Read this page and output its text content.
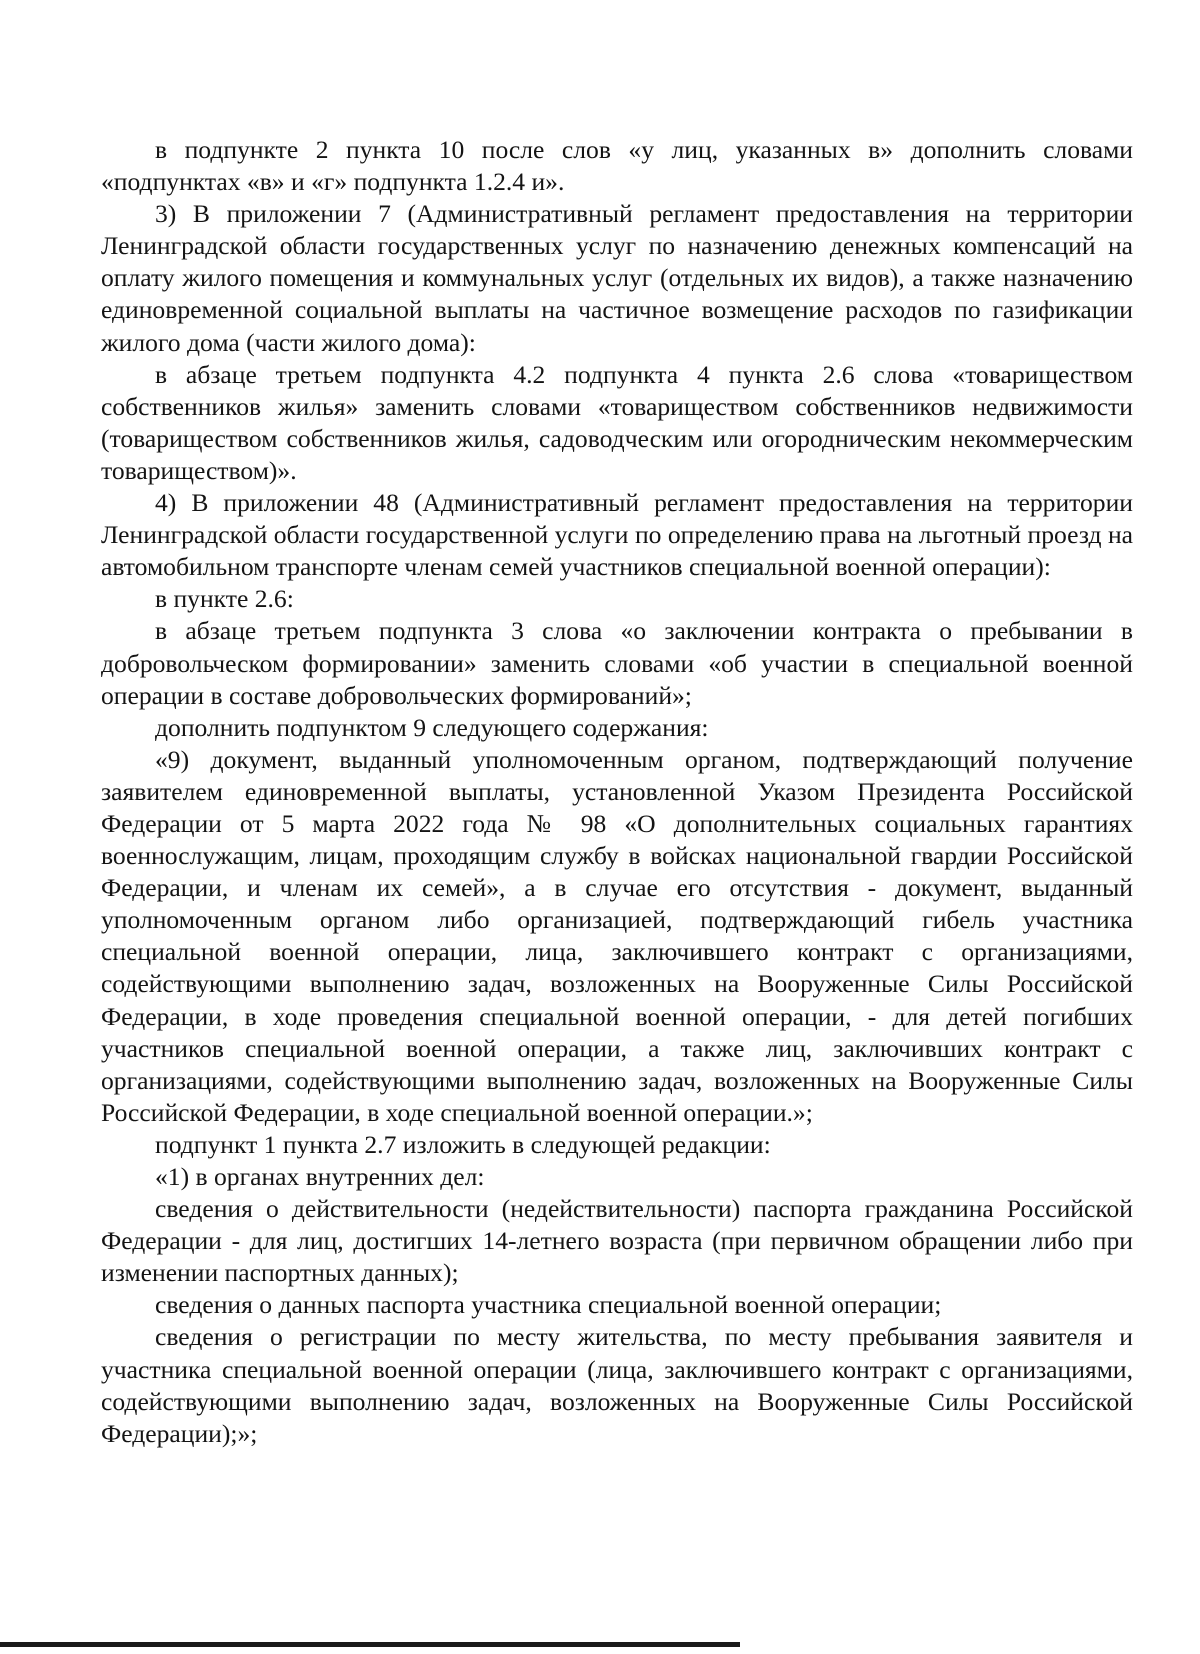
в подпункте 2 пункта 10 после слов «у лиц, указанных в» дополнить словами «подпунктах «в» и «г» подпункта 1.2.4 и».

3) В приложении 7 (Административный регламент предоставления на территории Ленинградской области государственных услуг по назначению денежных компенсаций на оплату жилого помещения и коммунальных услуг (отдельных их видов), а также назначению единовременной социальной выплаты на частичное возмещение расходов по газификации жилого дома (части жилого дома):

в абзаце третьем подпункта 4.2 подпункта 4 пункта 2.6 слова «товариществом собственников жилья» заменить словами «товариществом собственников недвижимости (товариществом собственников жилья, садоводческим или огородническим некоммерческим товариществом)».

4) В приложении 48 (Административный регламент предоставления на территории Ленинградской области государственной услуги по определению права на льготный проезд на автомобильном транспорте членам семей участников специальной военной операции):

в пункте 2.6:

в абзаце третьем подпункта 3 слова «о заключении контракта о пребывании в добровольческом формировании» заменить словами «об участии в специальной военной операции в составе добровольческих формирований»;

дополнить подпунктом 9 следующего содержания:

«9) документ, выданный уполномоченным органом, подтверждающий получение заявителем единовременной выплаты, установленной Указом Президента Российской Федерации от 5 марта 2022 года № 98 «О дополнительных социальных гарантиях военнослужащим, лицам, проходящим службу в войсках национальной гвардии Российской Федерации, и членам их семей», а в случае его отсутствия - документ, выданный уполномоченным органом либо организацией, подтверждающий гибель участника специальной военной операции, лица, заключившего контракт с организациями, содействующими выполнению задач, возложенных на Вооруженные Силы Российской Федерации, в ходе проведения специальной военной операции, - для детей погибших участников специальной военной операции, а также лиц, заключивших контракт с организациями, содействующими выполнению задач, возложенных на Вооруженные Силы Российской Федерации, в ходе специальной военной операции.»;

подпункт 1 пункта 2.7 изложить в следующей редакции:

«1) в органах внутренних дел:

сведения о действительности (недействительности) паспорта гражданина Российской Федерации - для лиц, достигших 14-летнего возраста (при первичном обращении либо при изменении паспортных данных);

сведения о данных паспорта участника специальной военной операции;

сведения о регистрации по месту жительства, по месту пребывания заявителя и участника специальной военной операции (лица, заключившего контракт с организациями, содействующими выполнению задач, возложенных на Вооруженные Силы Российской Федерации);»;
